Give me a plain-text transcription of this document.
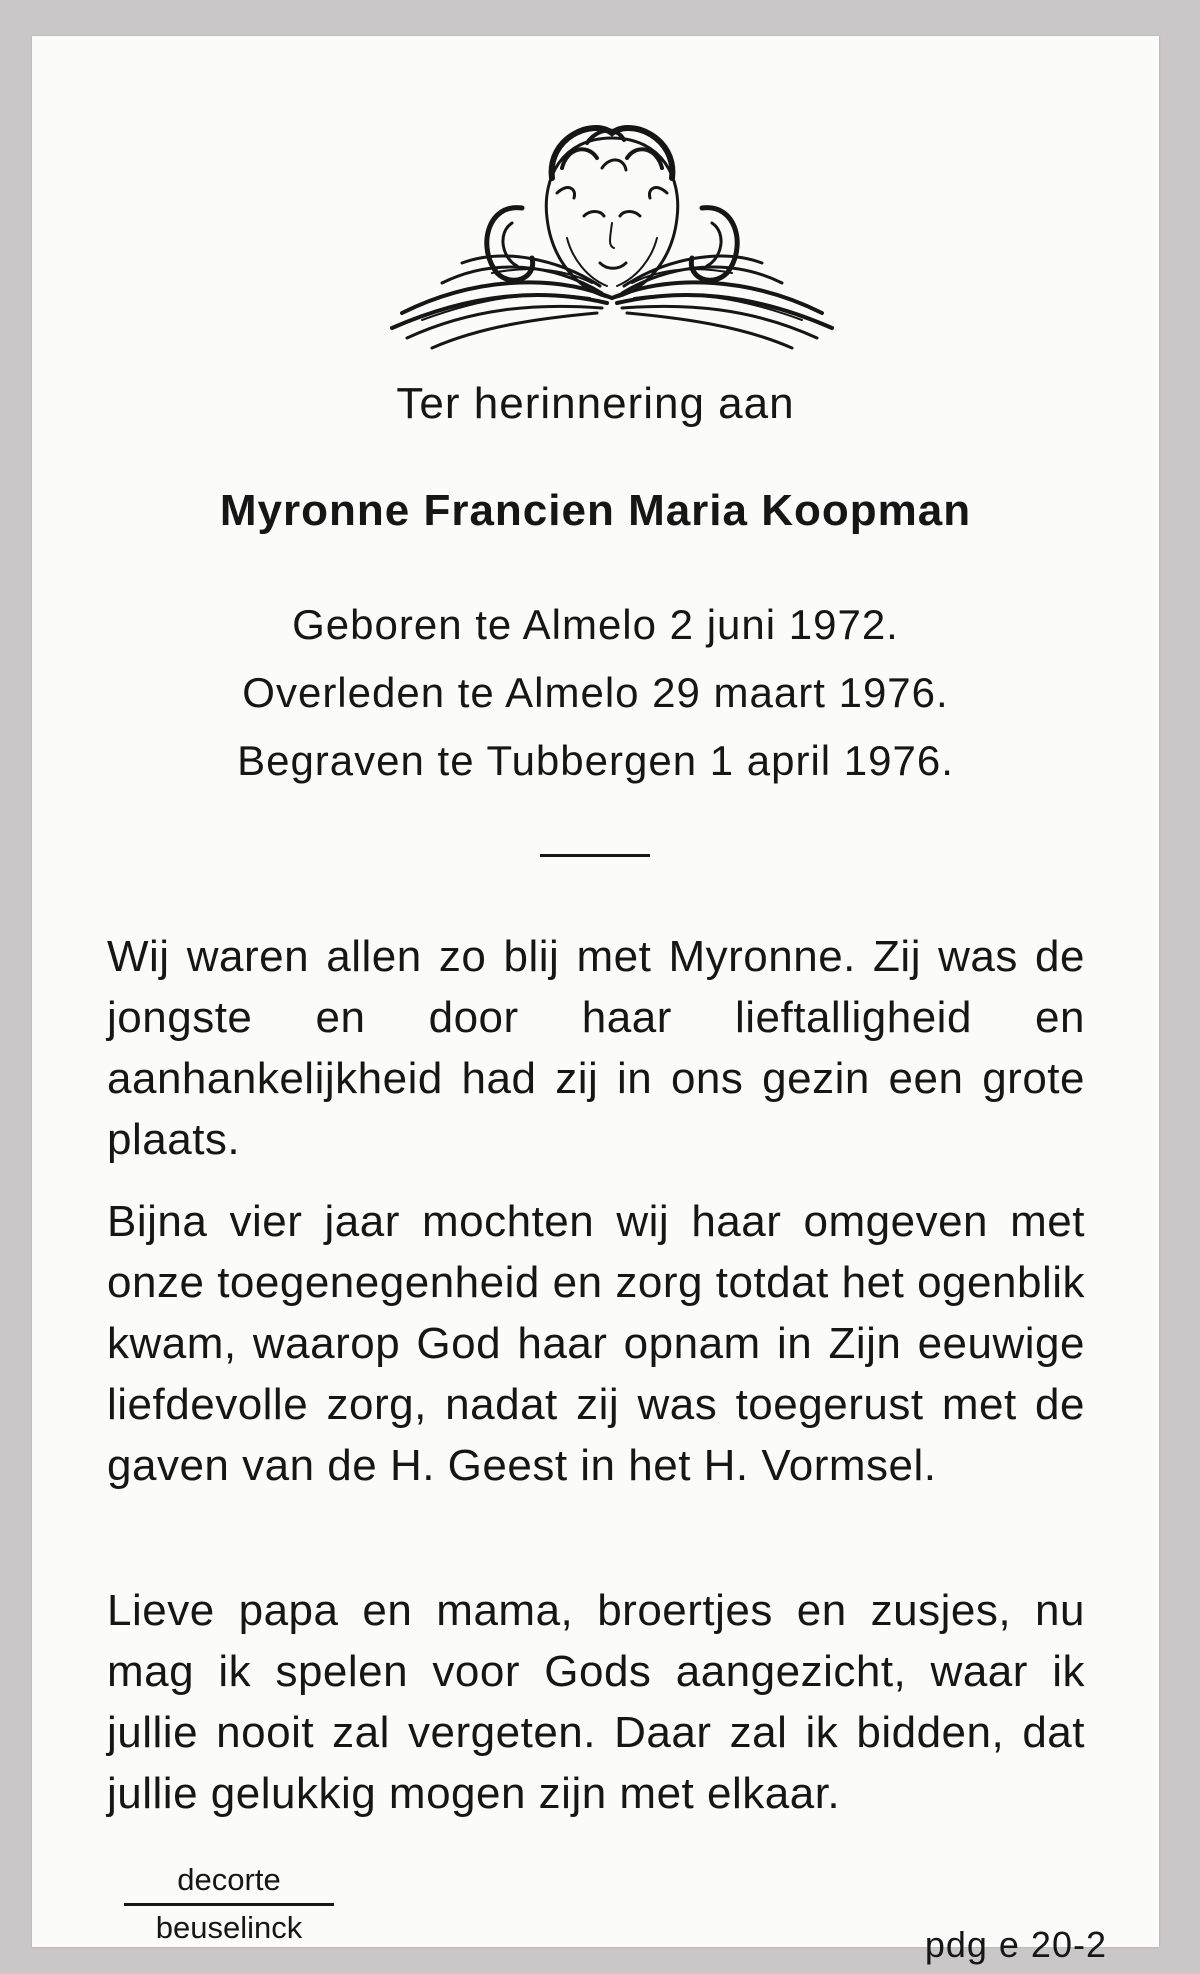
Ter herinnering aan

Myronne Francien Maria Koopman

Geboren te Almelo 2 juni 1972.

Overleden te Almelo 29 maart 1976.

Begraven te Tubbergen 1 april 1976.

Wij waren allen zo blij met Myronne. Zij was de jongste en door haar lieftalligheid en aanhankelijkheid had zij in ons gezin een grote plaats.

Bijna vier jaar mochten wij haar omgeven met onze toegenegenheid en zorg totdat het ogenblik kwam, waarop God haar opnam in Zijn eeuwige liefdevolle zorg, nadat zij was toegerust met de gaven van de H. Geest in het H. Vormsel.

Lieve papa en mama, broertjes en zusjes, nu mag ik spelen voor Gods aangezicht, waar ik jullie nooit zal vergeten. Daar zal ik bidden, dat jullie gelukkig mogen zijn met elkaar.

decorte
beuselinck	pdg e 20-2
